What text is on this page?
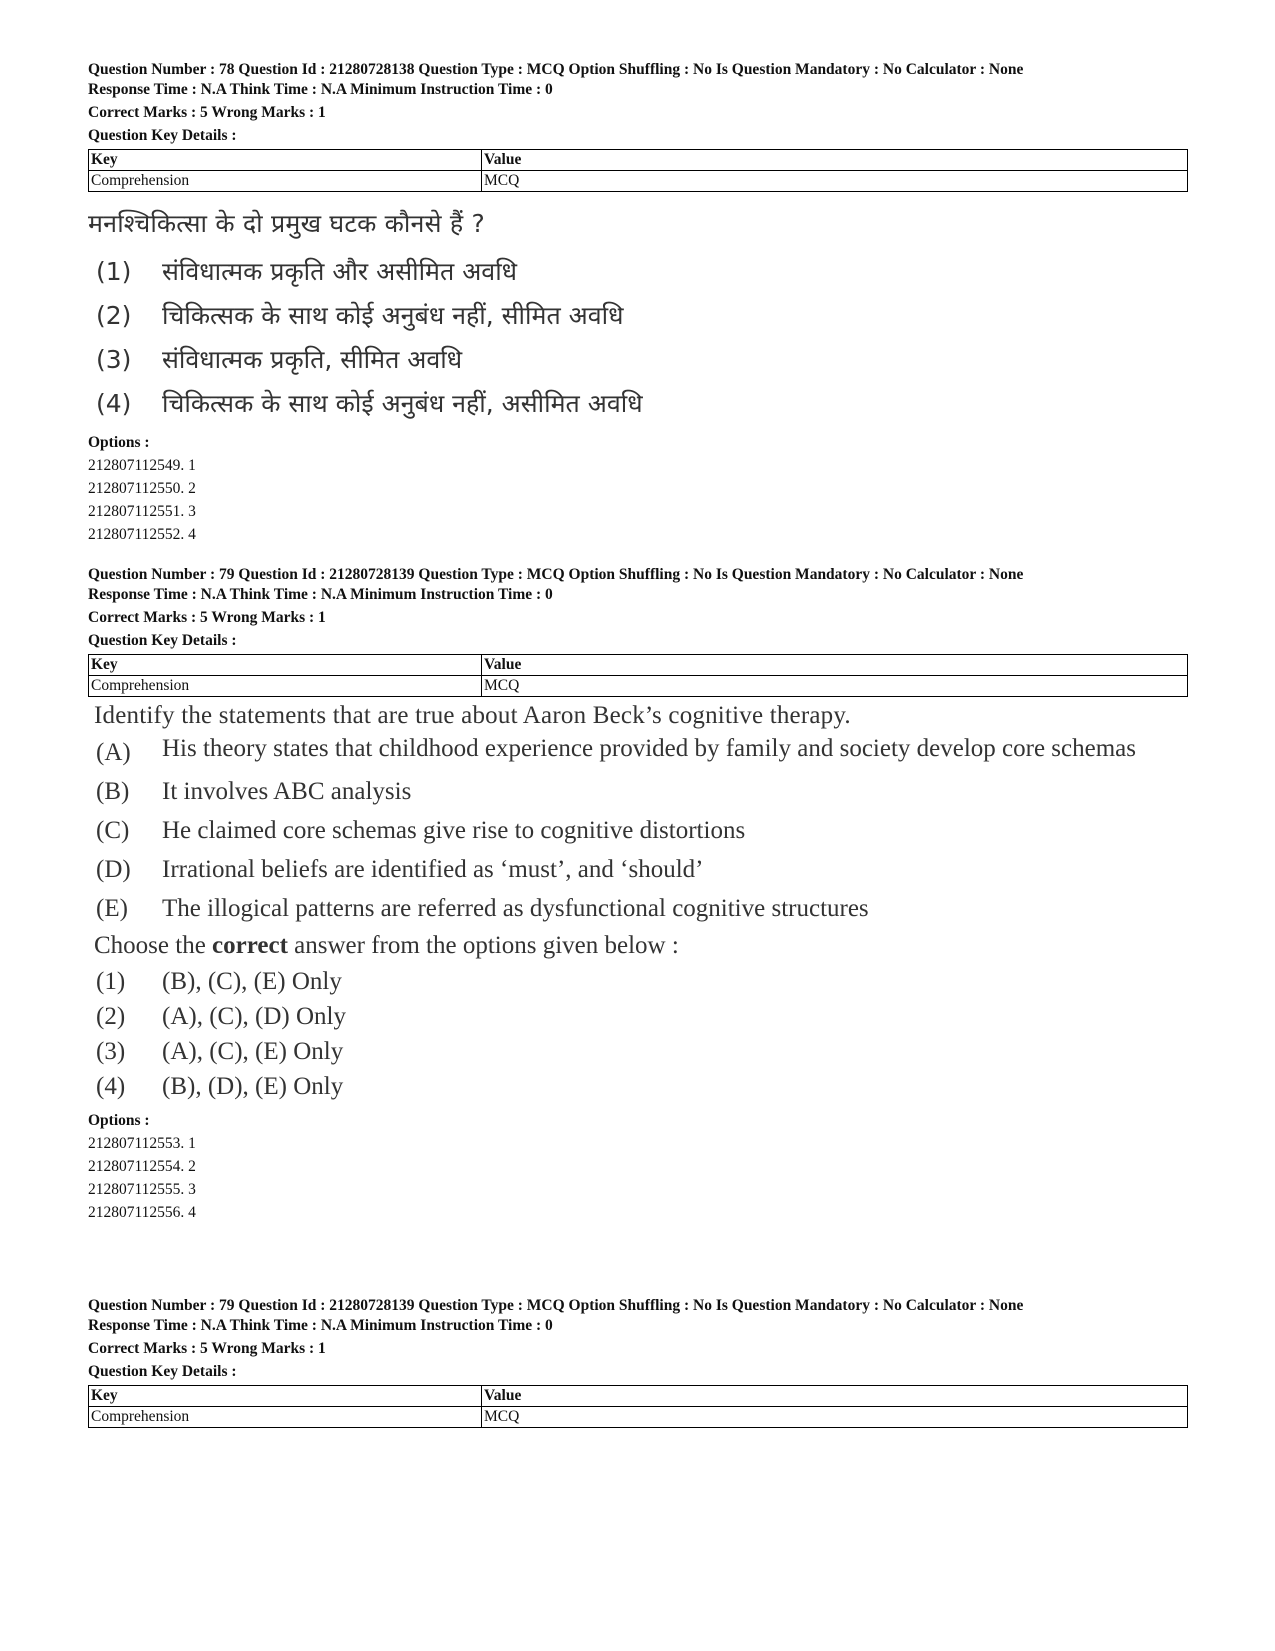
Question Number : 78 Question Id : 21280728138 Question Type : MCQ Option Shuffling : No Is Question Mandatory : No Calculator : None

Response Time : N.A Think Time : N.A Minimum Instruction Time : 0

Correct Marks : 5 Wrong Marks : 1

Question Key Details :

Key	Value
Comprehension	MCQ

मनश्चिकित्सा के दो प्रमुख घटक कौनसे हैं ?

(1)	संविधात्मक प्रकृति और असीमित अवधि
(2)	चिकित्सक के साथ कोई अनुबंध नहीं, सीमित अवधि
(3)	संविधात्मक प्रकृति, सीमित अवधि
(4)	चिकित्सक के साथ कोई अनुबंध नहीं, असीमित अवधि
Options :
212807112549. 1
212807112550. 2
212807112551. 3
212807112552. 4

Question Number : 79 Question Id : 21280728139 Question Type : MCQ Option Shuffling : No Is Question Mandatory : No Calculator : None

Response Time : N.A Think Time : N.A Minimum Instruction Time : 0

Correct Marks : 5 Wrong Marks : 1

Question Key Details :

Key	Value
Comprehension	MCQ

Identify the statements that are true about Aaron Beck’s cognitive therapy.

(A)	His theory states that childhood experience provided by family and society develop core schemas
(B)	It involves ABC analysis
(C)	He claimed core schemas give rise to cognitive distortions
(D)	Irrational beliefs are identified as ‘must’, and ‘should’
(E)	The illogical patterns are referred as dysfunctional cognitive structures

Choose the correct answer from the options given below :

(1)	(B), (C), (E) Only
(2)	(A), (C), (D) Only
(3)	(A), (C), (E) Only
(4)	(B), (D), (E) Only
Options :
212807112553. 1
212807112554. 2
212807112555. 3
212807112556. 4

Question Number : 79 Question Id : 21280728139 Question Type : MCQ Option Shuffling : No Is Question Mandatory : No Calculator : None

Response Time : N.A Think Time : N.A Minimum Instruction Time : 0

Correct Marks : 5 Wrong Marks : 1

Question Key Details :

Key	Value
Comprehension	MCQ
